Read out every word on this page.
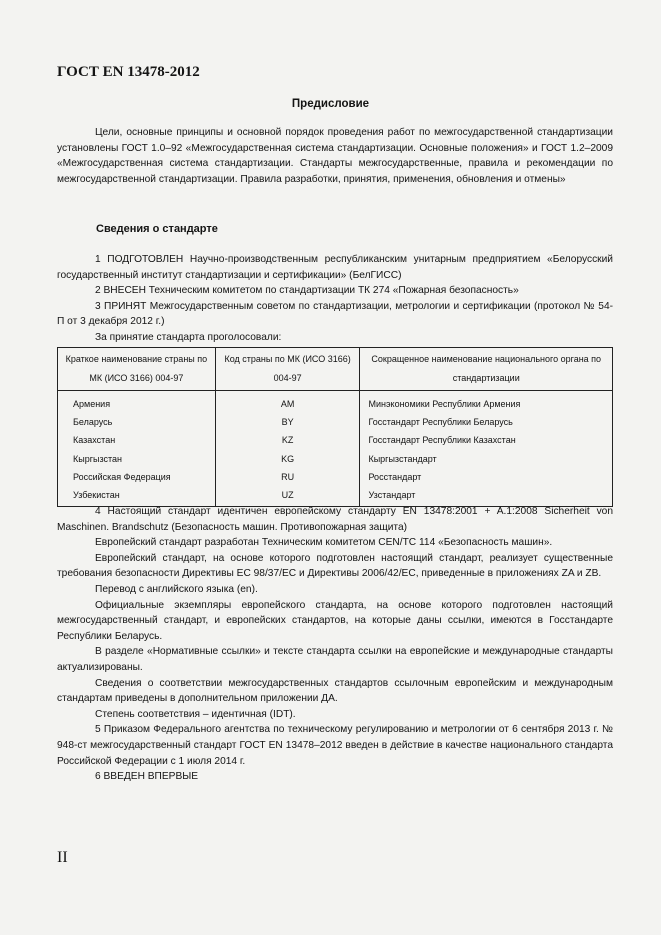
ГОСТ EN 13478-2012
Предисловие

Цели, основные принципы и основной порядок проведения работ по межгосударственной стандартизации установлены ГОСТ 1.0–92 «Межгосударственная система стандартизации. Основные положения» и ГОСТ 1.2–2009 «Межгосударственная система стандартизации. Стандарты межгосударственные, правила и рекомендации по межгосударственной стандартизации. Правила разработки, принятия, применения, обновления и отмены»

Сведения о стандарте

1 ПОДГОТОВЛЕН Научно-производственным республиканским унитарным предприятием «Белорусский государственный институт стандартизации и сертификации» (БелГИСС)

2 ВНЕСЕН Техническим комитетом по стандартизации ТК 274 «Пожарная безопасность»

3 ПРИНЯТ Межгосударственным советом по стандартизации, метрологии и сертификации (протокол № 54-П от 3 декабря 2012 г.)

За принятие стандарта проголосовали:

Краткое наименование страны по МК (ИСО 3166) 004-97	Код страны по МК (ИСО 3166) 004-97	Сокращенное наименование национального органа по стандартизации
Армения	AM	Минэкономики Республики Армения
Беларусь	BY	Госстандарт Республики Беларусь
Казахстан	KZ	Госстандарт Республики Казахстан
Кыргызстан	KG	Кыргызстандарт
Российская Федерация	RU	Росстандарт
Узбекистан	UZ	Узстандарт

4 Настоящий стандарт идентичен европейскому стандарту EN 13478:2001 + A.1:2008 Sicherheit von Maschinen. Brandschutz (Безопасность машин. Противопожарная защита)

Европейский стандарт разработан Техническим комитетом CEN/TC 114 «Безопасность машин».

Европейский стандарт, на основе которого подготовлен настоящий стандарт, реализует существенные требования безопасности Директивы ЕС 98/37/ЕС и Директивы 2006/42/ЕС, приведенные в приложениях ZA и ZB.

Перевод с английского языка (en).

Официальные экземпляры европейского стандарта, на основе которого подготовлен настоящий межгосударственный стандарт, и европейских стандартов, на которые даны ссылки, имеются в Госстандарте Республики Беларусь.

В разделе «Нормативные ссылки» и тексте стандарта ссылки на европейские и международные стандарты актуализированы.

Сведения о соответствии межгосударственных стандартов ссылочным европейским и международным стандартам приведены в дополнительном приложении ДА.

Степень соответствия – идентичная (IDT).

5 Приказом Федерального агентства по техническому регулированию и метрологии от 6 сентября 2013 г. № 948-ст межгосударственный стандарт ГОСТ EN 13478–2012 введен в действие в качестве национального стандарта Российской Федерации с 1 июля 2014 г.

6 ВВЕДЕН ВПЕРВЫЕ

II
